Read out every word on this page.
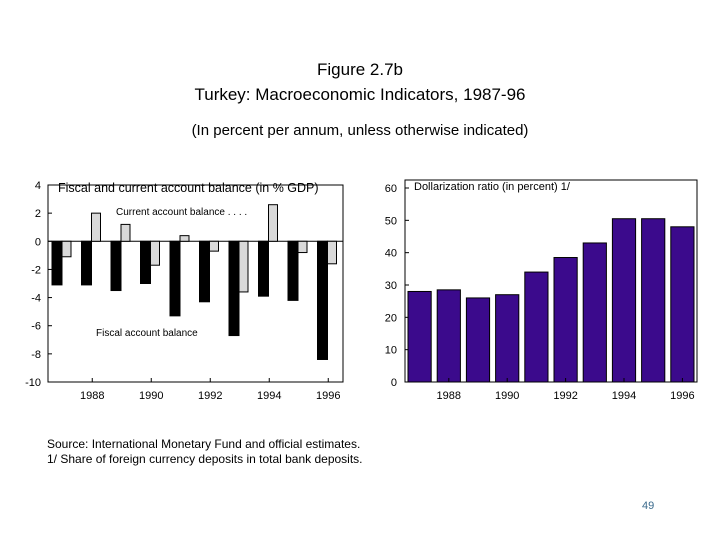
Figure 2.7b
Turkey: Macroeconomic Indicators, 1987-96
(In percent per annum, unless otherwise indicated)
4
2
0
-2
-4
-6
-8
-10
1988	1990	1992	1994	1996
Fiscal and current account balance (in % GDP)
Current account balance . . . .
Fiscal account balance
60
50
40
30
20
10
0
1988	1990	1992	1994	1996
Dollarization ratio (in percent) 1/
Source: International Monetary Fund and official estimates.
1/ Share of foreign currency deposits in total bank deposits.
49
